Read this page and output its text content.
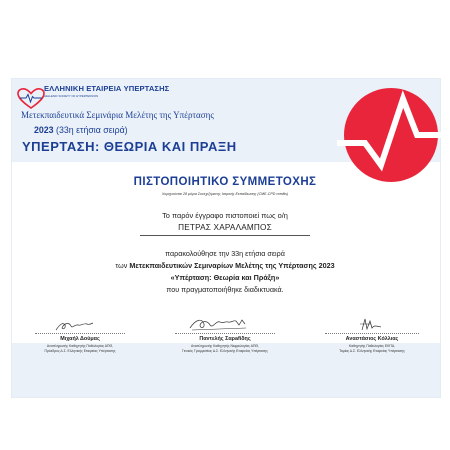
ΕΛΛΗΝΙΚΗ ΕΤΑΙΡΕΙΑ ΥΠΕΡΤΑΣΗΣ
HELLENIC SOCIETY OF HYPERTENSION
Μετεκπαιδευτικά Σεμινάρια Μελέτης της Υπέρτασης
2023 (33η ετήσια σειρά)
ΥΠΕΡΤΑΣΗ: ΘΕΩΡΙΑ ΚΑΙ ΠΡΑΞΗ
ΠΙΣΤΟΠΟΙΗΤΙΚΟ ΣΥΜΜΕΤΟΧΗΣ
Χορηγούνται 28 μόρια Συνεχιζόμενης Ιατρικής Εκπαίδευσης (CME-CPD credits)
Το παρόν έγγραφο πιστοποιεί πως ο/η
ΠΕΤΡΑΣ ΧΑΡΑΛΑΜΠΟΣ
παρακολούθησε την 33η ετήσια σειρά
των Μετεκπαιδευτικών Σεμιναρίων Μελέτης της Υπέρτασης 2023
«Υπέρταση: Θεωρία και Πράξη»
που πραγματοποιήθηκε διαδικτυακά.
Μιχαήλ Δούμας
Αναπληρωτής Καθηγητής Παθολογίας ΑΠΘ,
Πρόεδρος Δ.Σ. Ελληνικής Εταιρείας Υπέρτασης
Παντελής Σαρafίδης
Αναπληρωτής Καθηγητής Νεφρολογίας ΑΠΘ,
Γενικός Γραμματέας Δ.Σ. Ελληνικής Εταιρείας Υπέρτασης
Αναστάσιος Κόλλιας
Καθηγητής Παθολογίας ΕΚΠΑ,
Ταμίας Δ.Σ. Ελληνικής Εταιρείας Υπέρτασης
